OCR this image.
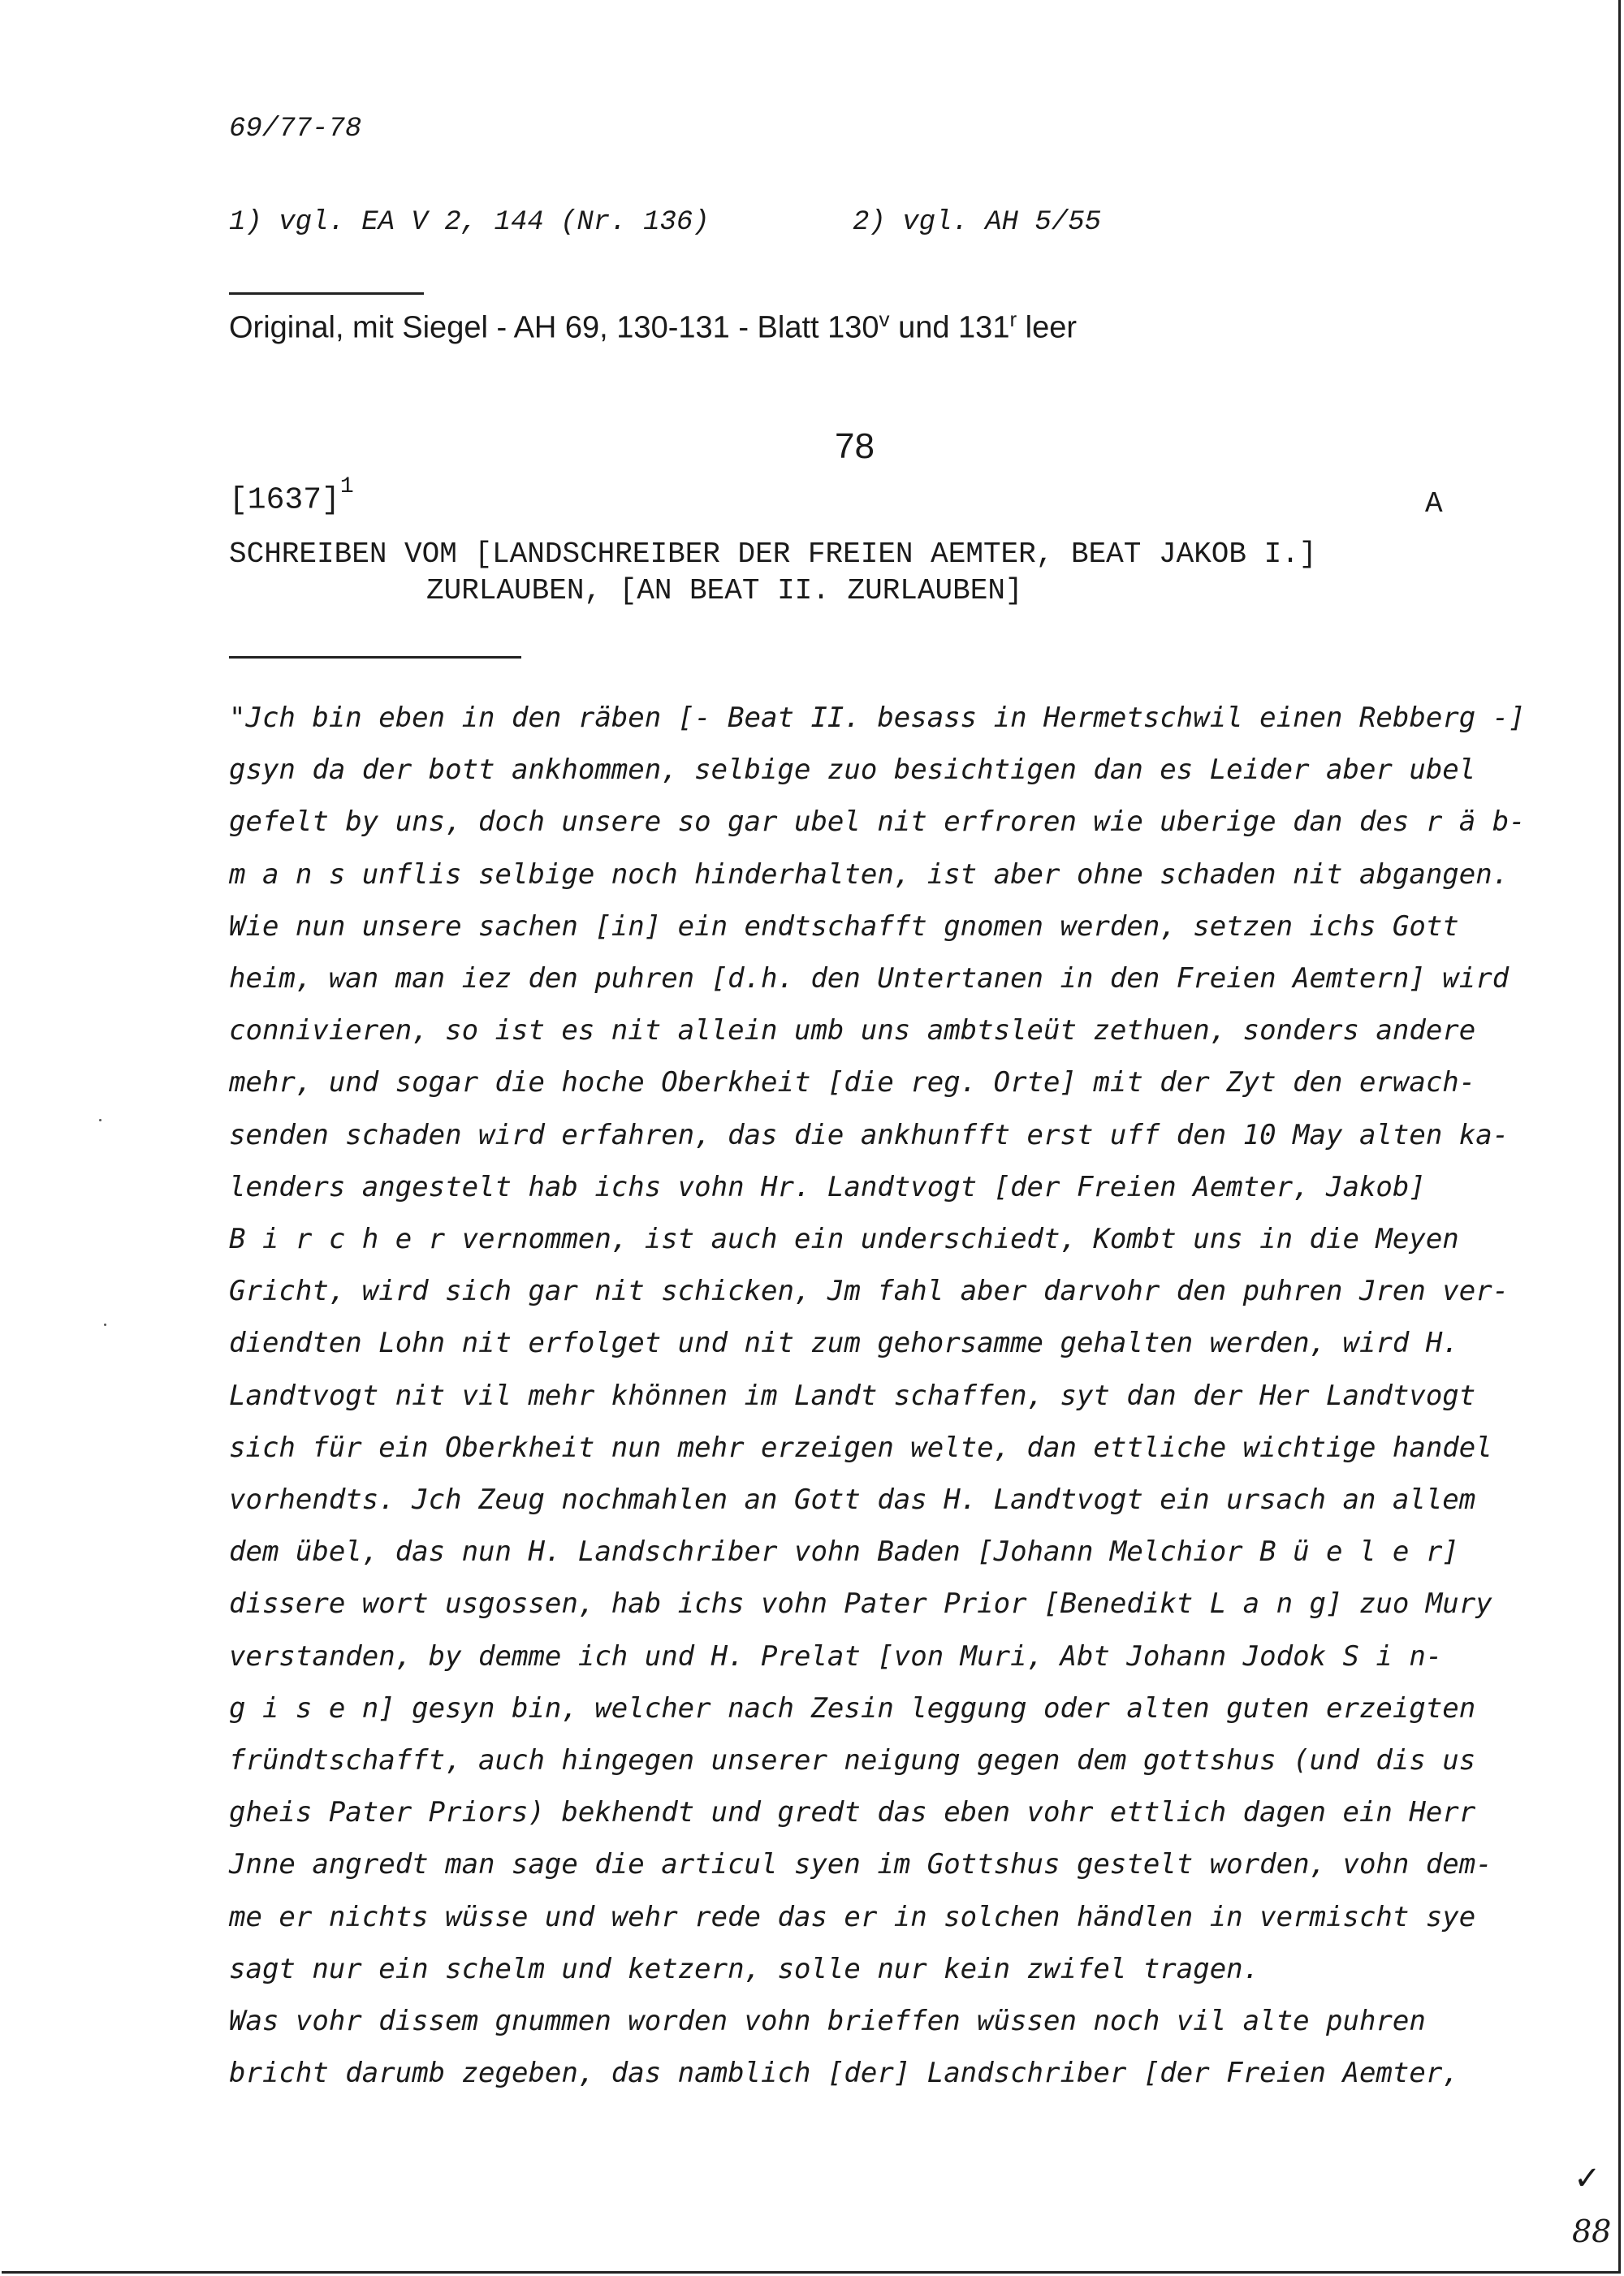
69/77-78
1) vgl. EA V 2, 144 (Nr. 136)	2) vgl. AH 5/55
Original, mit Siegel - AH 69, 130-131 - Blatt 130$^v$ und 131$^r$ leer
78
$[1637]^1$
A
SCHREIBEN VOM [LANDSCHREIBER DER FREIEN AEMTER, BEAT JAKOB I.]
ZURLAUBEN, [AN BEAT II. ZURLAUBEN]
"Jch bin eben in den räben [- Beat II. besass in Hermetschwil einen Rebberg -]
gsyn da der bott ankhommen, selbige zuo besichtigen dan es Leider aber ubel
gefelt by uns, doch unsere so gar ubel nit erfroren wie uberige dan des r ä b-
m a n s unflis selbige noch hinderhalten, ist aber ohne schaden nit abgangen.
Wie nun unsere sachen [in] ein endtschafft gnomen werden, setzen ichs Gott
heim, wan man iez den puhren [d.h. den Untertanen in den Freien Aemtern] wird
connivieren, so ist es nit allein umb uns ambtsleüt zethuen, sonders andere
mehr, und sogar die hoche Oberkheit [die reg. Orte] mit der Zyt den erwach-
senden schaden wird erfahren, das die ankhunfft erst uff den 10 May alten ka-
lenders angestelt hab ichs vohn Hr. Landtvogt [der Freien Aemter, Jakob]
B i r c h e r vernommen, ist auch ein underschiedt, Kombt uns in die Meyen
Gricht, wird sich gar nit schicken, Jm fahl aber darvohr den puhren Jren ver-
diendten Lohn nit erfolget und nit zum gehorsamme gehalten werden, wird H.
Landtvogt nit vil mehr khönnen im Landt schaffen, syt dan der Her Landtvogt
sich für ein Oberkheit nun mehr erzeigen welte, dan ettliche wichtige handel
vorhendts. Jch Zeug nochmahlen an Gott das H. Landtvogt ein ursach an allem
dem übel, das nun H. Landschriber vohn Baden [Johann Melchior B ü e l e r]
dissere wort usgossen, hab ichs vohn Pater Prior [Benedikt L a n g] zuo Mury
verstanden, by demme ich und H. Prelat [von Muri, Abt Johann Jodok S i n-
g i s e n] gesyn bin, welcher nach Zesin leggung oder alten guten erzeigten
fründtschafft, auch hingegen unserer neigung gegen dem gottshus (und dis us
gheis Pater Priors) bekhendt und gredt das eben vohr ettlich dagen ein Herr
Jnne angredt man sage die articul syen im Gottshus gestelt worden, vohn dem-
me er nichts wüsse und wehr rede das er in solchen händlen in vermischt sye
sagt nur ein schelm und ketzern, solle nur kein zwifel tragen.
Was vohr dissem gnummen worden vohn brieffen wüssen noch vil alte puhren
bricht darumb zegeben, das namblich [der] Landschriber [der Freien Aemter,
✓
88
